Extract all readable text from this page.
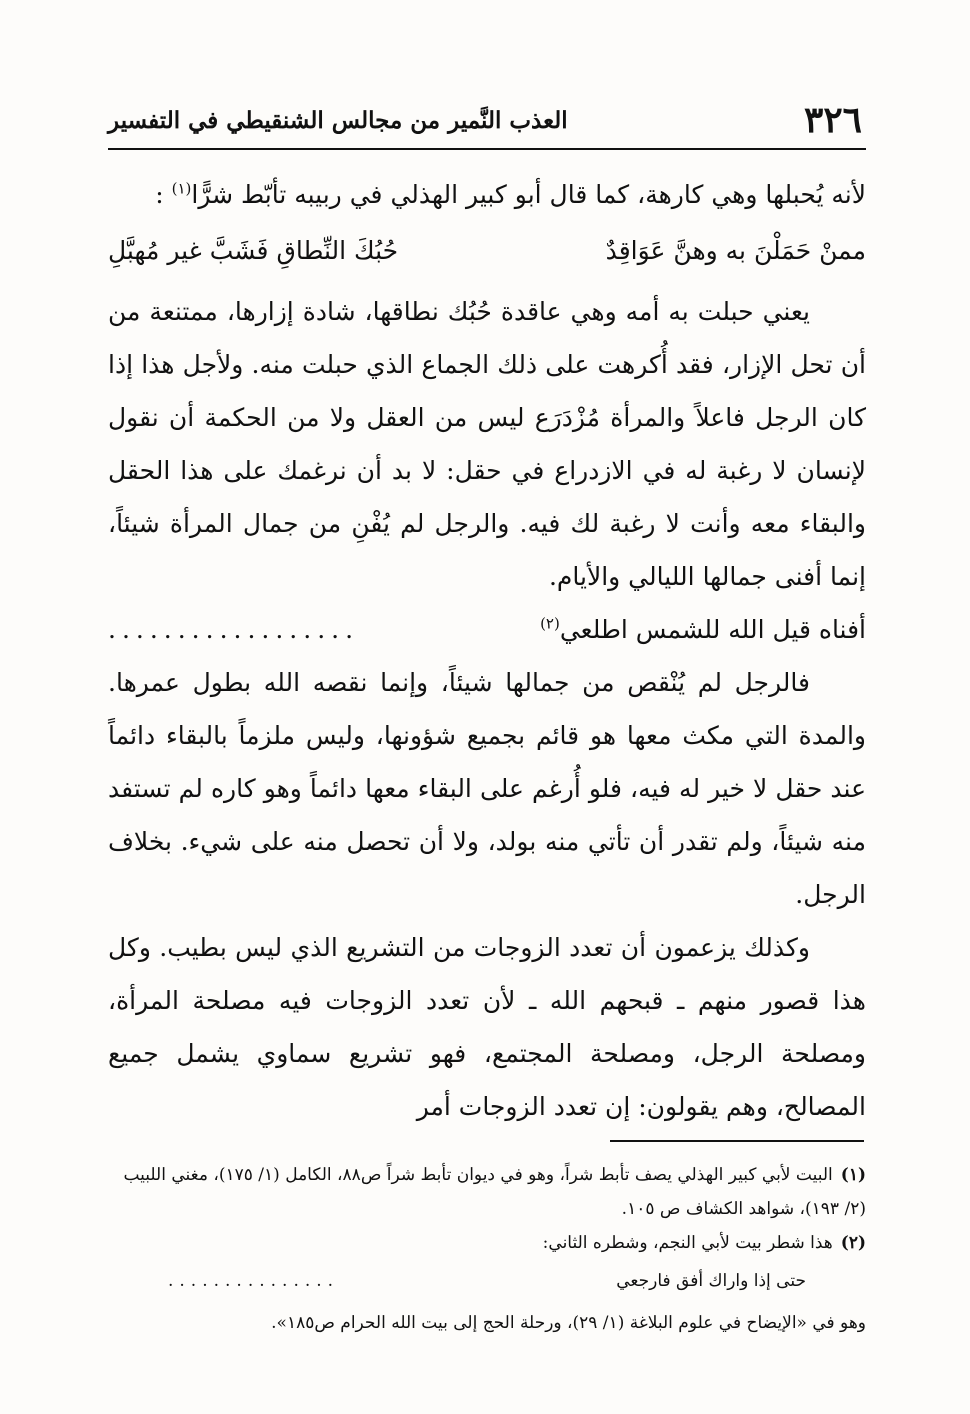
٣٢٦
العذب النَّمير من مجالس الشنقيطي في التفسير

لأنه يُحبلها وهي كارهة، كما قال أبو كبير الهذلي في ربيبه تأبّط شرًّا$^{(١)}$ :

ممنْ حَمَلْنَ به وهنَّ عَوَاقِدٌ
حُبُكَ النِّطاقِ فَشَبَّ غير مُهبَّلِ

يعني حبلت به أمه وهي عاقدة حُبُك نطاقها، شادة إزارها، ممتنعة من أن تحل الإزار، فقد أُكرهت على ذلك الجماع الذي حبلت منه. ولأجل هذا إذا كان الرجل فاعلاً والمرأة مُزْدَرَع ليس من العقل ولا من الحكمة أن نقول لإنسان لا رغبة له في الازدراع في حقل: لا بد أن نرغمك على هذا الحقل والبقاء معه وأنت لا رغبة لك فيه. والرجل لم يُفْنِ من جمال المرأة شيئاً، إنما أفنى جمالها الليالي والأيام.

أفناه قيل الله للشمس اطلعي$^{(٢)}$
..................

فالرجل لم يُنْقص من جمالها شيئاً، وإنما نقصه الله بطول عمرها. والمدة التي مكث معها هو قائم بجميع شؤونها، وليس ملزماً بالبقاء دائماً عند حقل لا خير له فيه، فلو أُرغم على البقاء معها دائماً وهو كاره لم تستفد منه شيئاً، ولم تقدر أن تأتي منه بولد، ولا أن تحصل منه على شيء. بخلاف الرجل.

وكذلك يزعمون أن تعدد الزوجات من التشريع الذي ليس بطيب. وكل هذا قصور منهم ـ قبحهم الله ـ لأن تعدد الزوجات فيه مصلحة المرأة، ومصلحة الرجل، ومصلحة المجتمع، فهو تشريع سماوي يشمل جميع المصالح، وهم يقولون: إن تعدد الزوجات أمر

(١)البيت لأبي كبير الهذلي يصف تأبط شراً، وهو في ديوان تأبط شراً ص٨٨، الكامل (١/ ١٧٥)، مغني اللبيب (٢/ ١٩٣)، شواهد الكشاف ص ١٠٥.

(٢)هذا شطر بيت لأبي النجم، وشطره الثاني:

حتى إذا واراك أفق فارجعي
...............

وهو في «الإيضاح في علوم البلاغة (١/ ٢٩)، ورحلة الحج إلى بيت الله الحرام ص١٨٥».
